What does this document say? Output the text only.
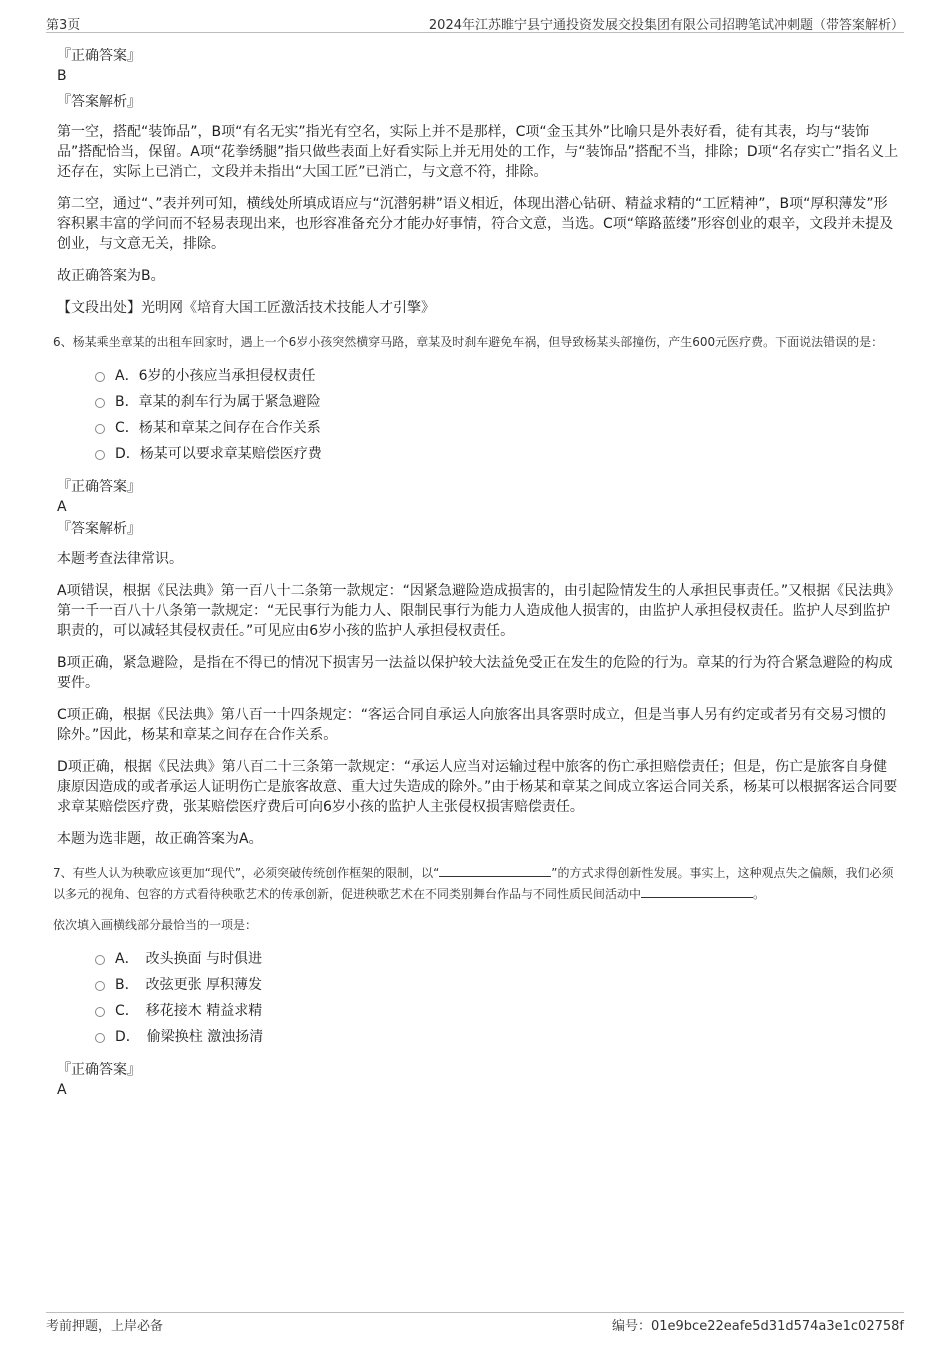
第3页	2024年江苏睢宁县宁通投资发展交投集团有限公司招聘笔试冲刺题（带答案解析）

『正确答案』

B

『答案解析』

第一空，搭配“装饰品”，B项“有名无实”指光有空名，实际上并不是那样，C项“金玉其外”比喻只是外表好看，徒有其表，均与“装饰品”搭配恰当，保留。A项“花拳绣腿”指只做些表面上好看实际上并无用处的工作，与“装饰品”搭配不当，排除；D项“名存实亡”指名义上还存在，实际上已消亡，文段并未指出“大国工匠”已消亡，与文意不符，排除。

第二空，通过“、”表并列可知，横线处所填成语应与“沉潜躬耕”语义相近，体现出潜心钻研、精益求精的“工匠精神”，B项“厚积薄发”形容积累丰富的学问而不轻易表现出来，也形容准备充分才能办好事情，符合文意，当选。C项“筚路蓝缕”形容创业的艰辛，文段并未提及创业，与文意无关，排除。

故正确答案为B。

【文段出处】光明网《培育大国工匠激活技术技能人才引擎》

6、杨某乘坐章某的出租车回家时，遇上一个6岁小孩突然横穿马路，章某及时刹车避免车祸，但导致杨某头部撞伤，产生600元医疗费。下面说法错误的是：

A．6岁的小孩应当承担侵权责任
B．章某的刹车行为属于紧急避险
C．杨某和章某之间存在合作关系
D．杨某可以要求章某赔偿医疗费

『正确答案』

A

『答案解析』

本题考查法律常识。

A项错误，根据《民法典》第一百八十二条第一款规定：“因紧急避险造成损害的，由引起险情发生的人承担民事责任。”又根据《民法典》第一千一百八十八条第一款规定：“无民事行为能力人、限制民事行为能力人造成他人损害的，由监护人承担侵权责任。监护人尽到监护职责的，可以减轻其侵权责任。”可见应由6岁小孩的监护人承担侵权责任。

B项正确，紧急避险，是指在不得已的情况下损害另一法益以保护较大法益免受正在发生的危险的行为。章某的行为符合紧急避险的构成要件。

C项正确，根据《民法典》第八百一十四条规定：“客运合同自承运人向旅客出具客票时成立，但是当事人另有约定或者另有交易习惯的除外。”因此，杨某和章某之间存在合作关系。

D项正确，根据《民法典》第八百二十三条第一款规定：“承运人应当对运输过程中旅客的伤亡承担赔偿责任；但是，伤亡是旅客自身健康原因造成的或者承运人证明伤亡是旅客故意、重大过失造成的除外。”由于杨某和章某之间成立客运合同关系，杨某可以根据客运合同要求章某赔偿医疗费，张某赔偿医疗费后可向6岁小孩的监护人主张侵权损害赔偿责任。

本题为选非题，故正确答案为A。

7、有些人认为秧歌应该更加“现代”，必须突破传统创作框架的限制，以“	”的方式求得创新性发展。事实上，这种观点失之偏颇，我们必须以多元的视角、包容的方式看待秧歌艺术的传承创新，促进秧歌艺术在不同类别舞台作品与不同性质民间活动中	。

依次填入画横线部分最恰当的一项是：

A．　改头换面 与时俱进
B．　改弦更张 厚积薄发
C．　移花接木 精益求精
D．　偷梁换柱 激浊扬清

『正确答案』

A

考前押题，上岸必备	编号：01e9bce22eafe5d31d574a3e1c02758f
